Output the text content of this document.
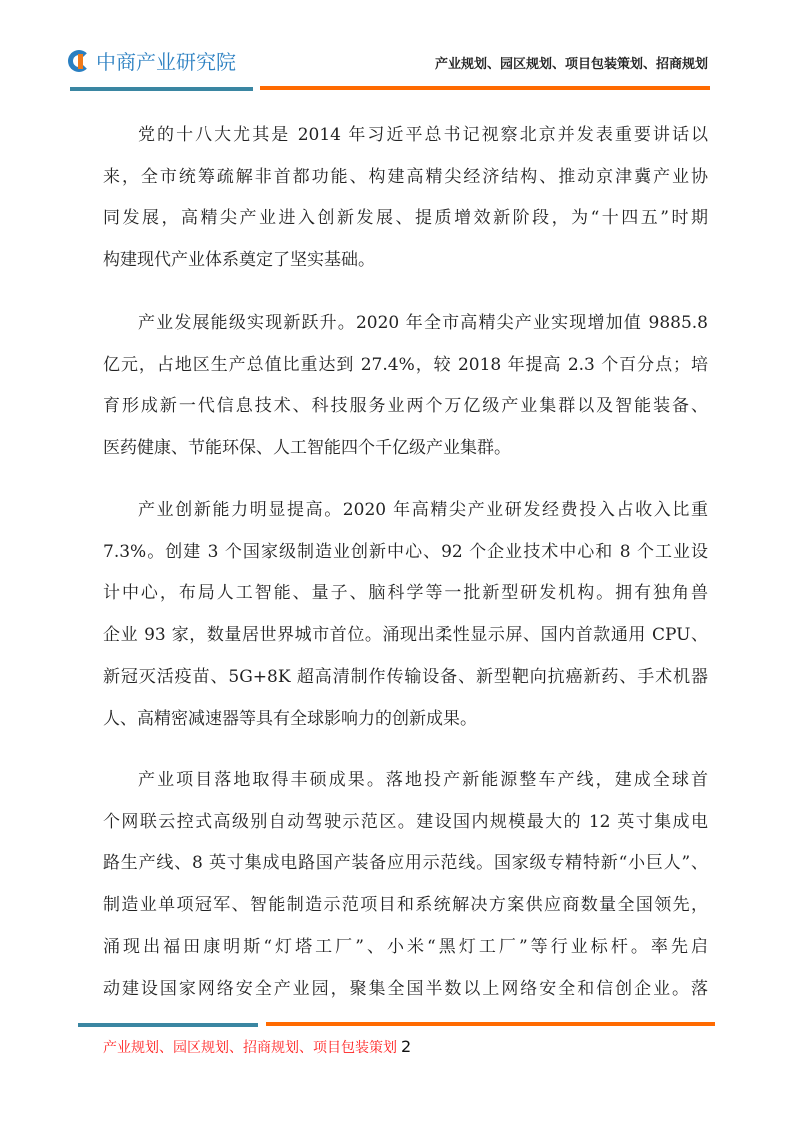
中商产业研究院	产业规划、园区规划、项目包装策划、招商规划
党的十八大尤其是 2014 年习近平总书记视察北京并发表重要讲话以
来，全市统筹疏解非首都功能、构建高精尖经济结构、推动京津冀产业协
同发展，高精尖产业进入创新发展、提质增效新阶段，为“十四五”时期
构建现代产业体系奠定了坚实基础。
产业发展能级实现新跃升。2020 年全市高精尖产业实现增加值 9885.8
亿元，占地区生产总值比重达到 27.4%，较 2018 年提高 2.3 个百分点；培
育形成新一代信息技术、科技服务业两个万亿级产业集群以及智能装备、
医药健康、节能环保、人工智能四个千亿级产业集群。
产业创新能力明显提高。2020 年高精尖产业研发经费投入占收入比重
7.3%。创建 3 个国家级制造业创新中心、92 个企业技术中心和 8 个工业设
计中心，布局人工智能、量子、脑科学等一批新型研发机构。拥有独角兽
企业 93 家，数量居世界城市首位。涌现出柔性显示屏、国内首款通用 CPU、
新冠灭活疫苗、5G+8K 超高清制作传输设备、新型靶向抗癌新药、手术机器
人、高精密减速器等具有全球影响力的创新成果。
产业项目落地取得丰硕成果。落地投产新能源整车产线，建成全球首
个网联云控式高级别自动驾驶示范区。建设国内规模最大的 12 英寸集成电
路生产线、8 英寸集成电路国产装备应用示范线。国家级专精特新“小巨人”、
制造业单项冠军、智能制造示范项目和系统解决方案供应商数量全国领先，
涌现出福田康明斯“灯塔工厂”、小米“黑灯工厂”等行业标杆。率先启
动建设国家网络安全产业园，聚集全国半数以上网络安全和信创企业。落
产业规划、园区规划、招商规划、项目包装策划 2
